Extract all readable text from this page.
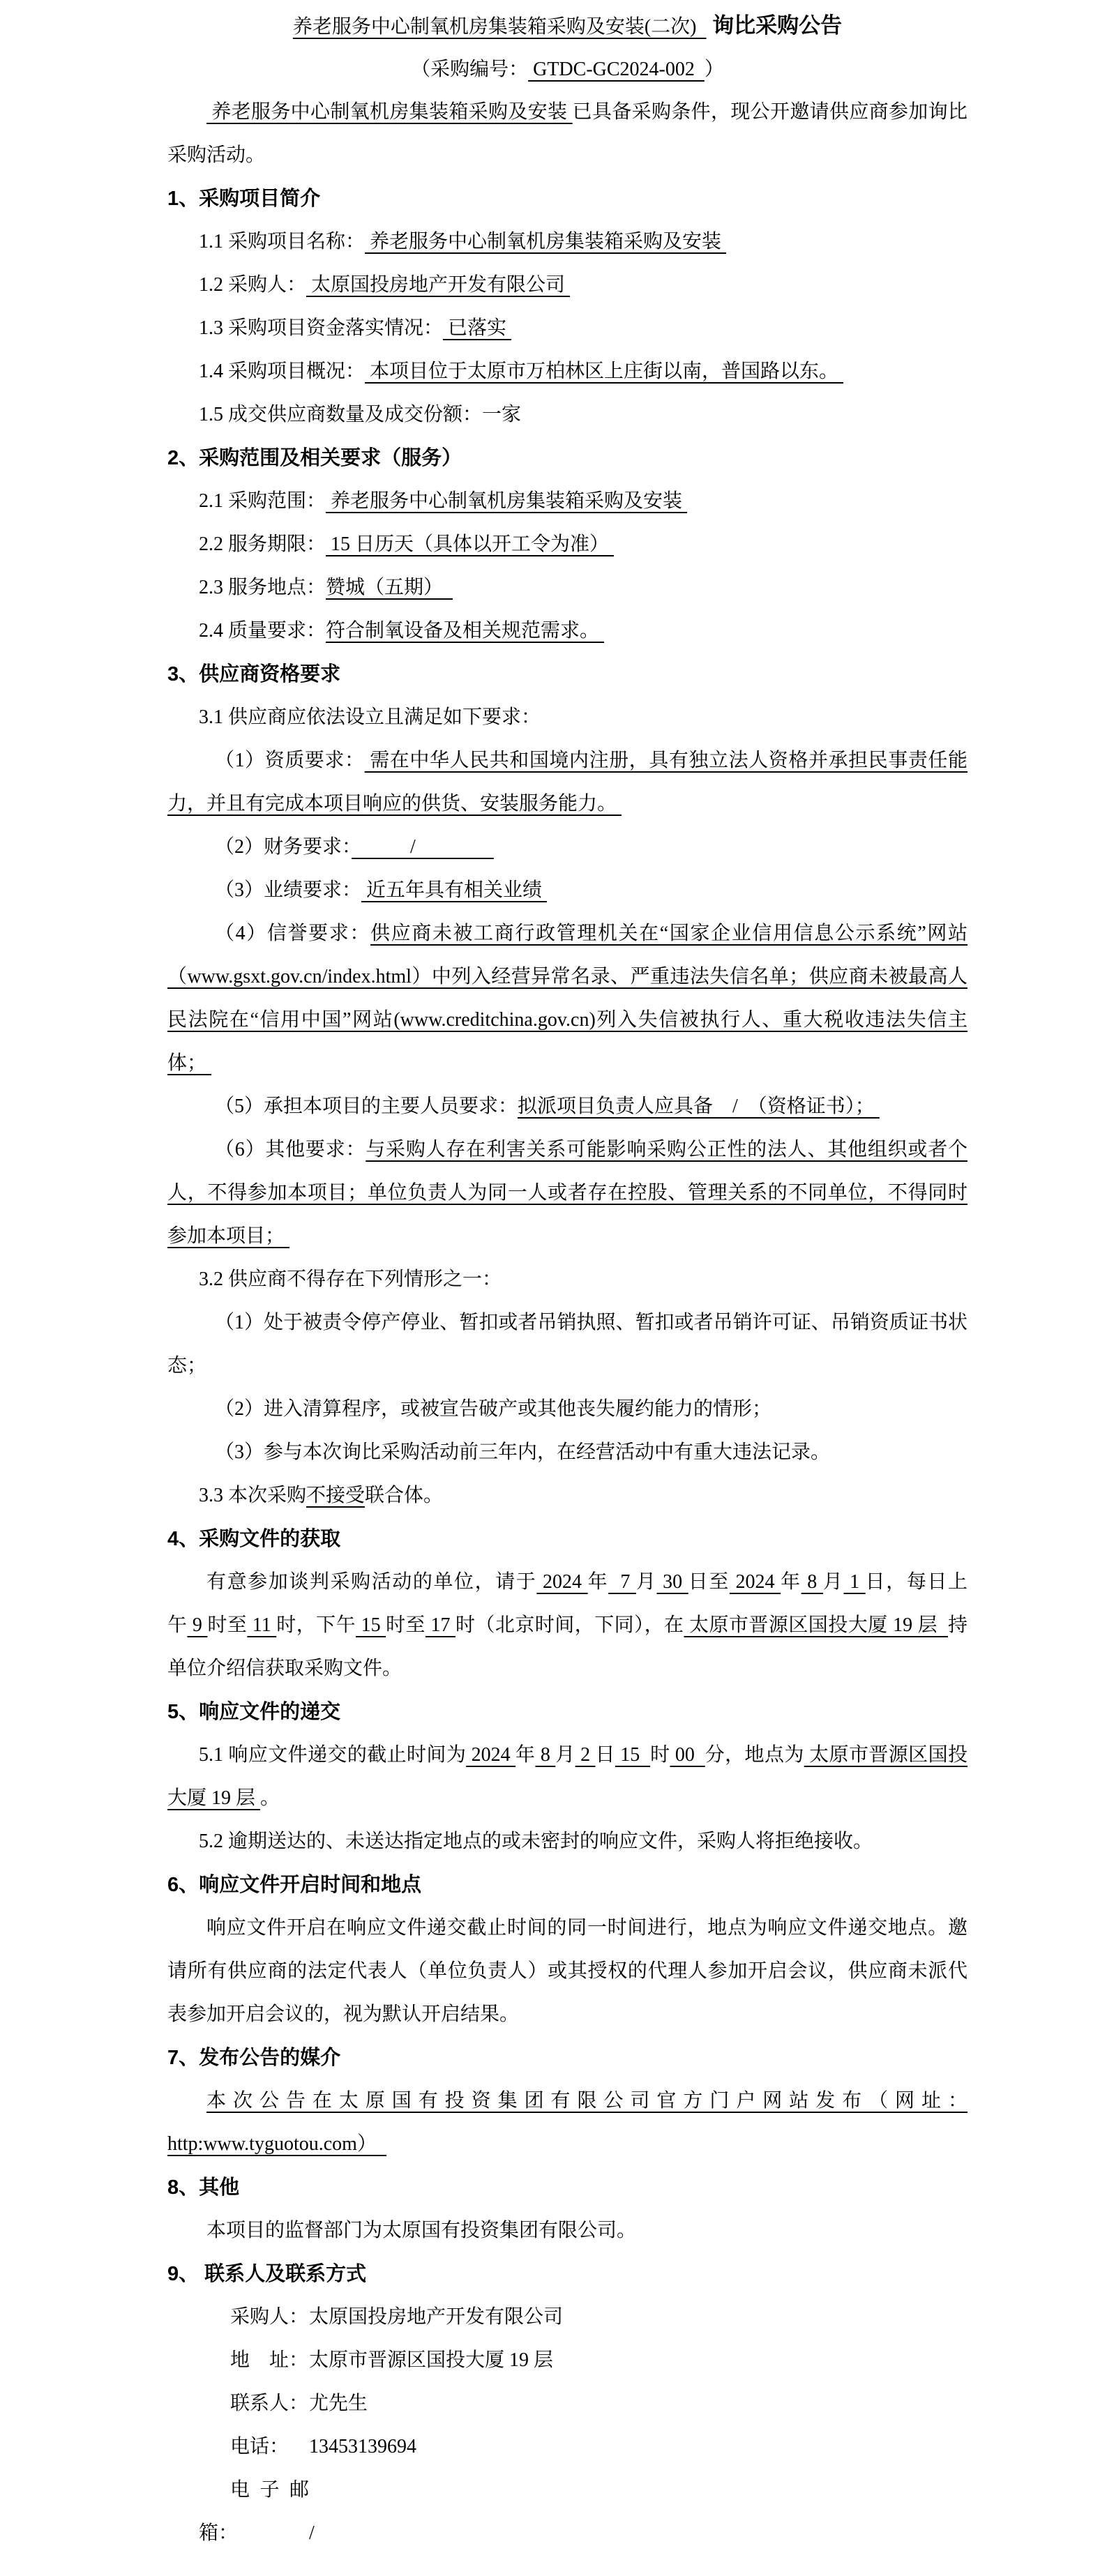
养老服务中心制氧机房集装箱采购及安装(二次)   询比采购公告
（采购编号： GTDC-GC2024-002  ）
养老服务中心制氧机房集装箱采购及安装 已具备采购条件，现公开邀请供应商参加询比采购活动。
1、采购项目简介
1.1 采购项目名称： 养老服务中心制氧机房集装箱采购及安装
1.2 采购人： 太原国投房地产开发有限公司
1.3 采购项目资金落实情况： 已落实
1.4 采购项目概况： 本项目位于太原市万柏林区上庄街以南，普国路以东。
1.5 成交供应商数量及成交份额：一家
2、采购范围及相关要求（服务）
2.1 采购范围： 养老服务中心制氧机房集装箱采购及安装
2.2 服务期限： 15 日历天（具体以开工令为准）
2.3 服务地点：赞城（五期）
2.4 质量要求：符合制氧设备及相关规范需求。
3、供应商资格要求
3.1 供应商应依法设立且满足如下要求：
（1）资质要求： 需在中华人民共和国境内注册，具有独立法人资格并承担民事责任能力，并且有完成本项目响应的供货、安装服务能力。
（2）财务要求：　　　/　　　　
（3）业绩要求： 近五年具有相关业绩
（4）信誉要求：供应商未被工商行政管理机关在“国家企业信用信息公示系统”网站（www.gsxt.gov.cn/index.html）中列入经营异常名录、严重违法失信名单；供应商未被最高人民法院在“信用中国”网站(www.creditchina.gov.cn)列入失信被执行人、重大税收违法失信主体；
（5）承担本项目的主要人员要求：拟派项目负责人应具备　/　（资格证书）；
（6）其他要求：与采购人存在利害关系可能影响采购公正性的法人、其他组织或者个人，不得参加本项目；单位负责人为同一人或者存在控股、管理关系的不同单位，不得同时参加本项目；
3.2 供应商不得存在下列情形之一：
（1）处于被责令停产停业、暂扣或者吊销执照、暂扣或者吊销许可证、吊销资质证书状态；
（2）进入清算程序，或被宣告破产或其他丧失履约能力的情形；
（3）参与本次询比采购活动前三年内，在经营活动中有重大违法记录。
3.3 本次采购不接受联合体。
4、采购文件的获取
有意参加谈判采购活动的单位，请于 2024 年  7 月 30 日至 2024 年 8 月 1 日，每日上午 9 时至 11 时，下午 15 时至 17 时（北京时间，下同），在 太原市晋源区国投大厦 19 层  持单位介绍信获取采购文件。
5、响应文件的递交
5.1 响应文件递交的截止时间为 2024 年 8 月 2 日 15  时 00  分，地点为 太原市晋源区国投大厦 19 层 。
5.2 逾期送达的、未送达指定地点的或未密封的响应文件，采购人将拒绝接收。
6、响应文件开启时间和地点
响应文件开启在响应文件递交截止时间的同一时间进行，地点为响应文件递交地点。邀请所有供应商的法定代表人（单位负责人）或其授权的代理人参加开启会议，供应商未派代表参加开启会议的，视为默认开启结果。
7、发布公告的媒介
本次公告在太原国有投资集团有限公司官方门户网站发布（网址：http:www.tyguotou.com）
8、其他
本项目的监督部门为太原国有投资集团有限公司。
9、 联系人及联系方式
采购人：太原国投房地产开发有限公司
地　址：太原市晋源区国投大厦 19 层
联系人：尤先生
电话： 13453139694
电子邮箱：	/
